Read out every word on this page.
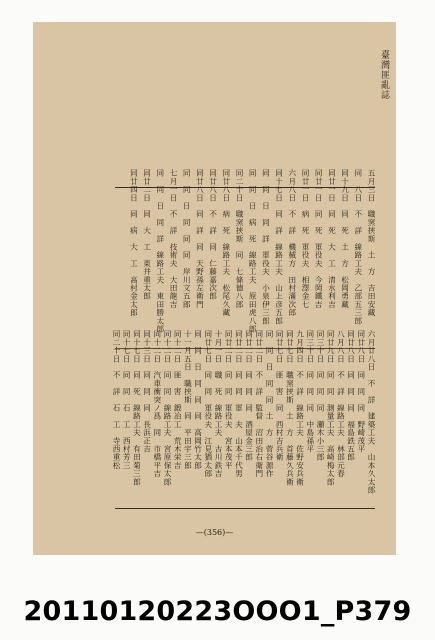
臺灣匪亂誌
—(356)—
五月三日　職窯挟斯　土　方　吉田安藏
同　八日　不　詳　線路工夫　乙部五三郎
同十九日　同　死　土　方　松岡勇藏
同廿一日　同　死　大　工　清水利吉
同廿一日　同　死　軍役夫　今岡鐵吉
同廿一日　病　死　軍役夫　相澤金七
六月八日　不　詳　機械方　田村滿次郎
同十七日　同　詳　線路工夫　山上彦五郎
同　同　日　同　詳　軍役夫　小泉伊三郎
同　同　日　病　死　線路工夫　原田虎八郎
同二十日　職窯挟斯　同　七條德八郎
同廿八日　病　死　線路工夫　松尾久藏
同廿八日　不　詳　同　仁藤嘉次郎
同廿八日　同　詳　同　天野孫左衛門
同　同　日　同　同　同　岸川文五郎
七月一日　不　詳　技術夫　大田龍吉
同　同　日　同　詳　線路工夫　東田勝太郎
同廿二日　同　大　工　東井重太郎
同廿四日　同　病　大　工　高村金太郎
六月廿八日　不　詳　建築工夫　山本久太郎
同廿八日　同　同　同　野崎茂平
同廿八日　同　同　同　福島鉄五郎
八月八日　不　詳　線路工夫　林部元春
同廿九日　同　同　測量工夫　高崎梅太郎
同三十日　同　同　同　瀬木小三郎
同三十日　同　同　同　中島孫平
九月四日　不　詳　線路工夫　佐野安兵衛
同廿七日　職窯挟斯　土　方　首藤久兵衛
同廿七日　匪　害　同　西村吉兵衛
同　同　日　同　同　土　方　菅谷源作
同廿二日　不　詳　監督　沼田治右衛門
同廿二日　同　同　同　酒屋金三郎
同廿二日　同　同　軍　夫　山本千代男
同廿二日　同　同　軍役夫　宮本茂平
十月一日　職　死　線路工夫　古川鉄吉
同廿七日　同　同　軍役夫　江見猶太郎
同　同　日　同　同　同　高岡竹太郎
十一月五日　職挟斯　同　平田宇三郎
同十二日　匪　害　鍛冶工　荒木栄吉
同十二日　同　同　線路工夫　宮原保太郎
同十二日　汽車衝突ノ爲　同　市橋平吉
同十三日　同　同　同　長浜正吉
同十七日　同　死　線路工夫　有田菊三郎
同十七日　同　同　石　工　西村芳三
同二十日　不　詳　石　工　寺西重松
20110120223OOO1_P379
